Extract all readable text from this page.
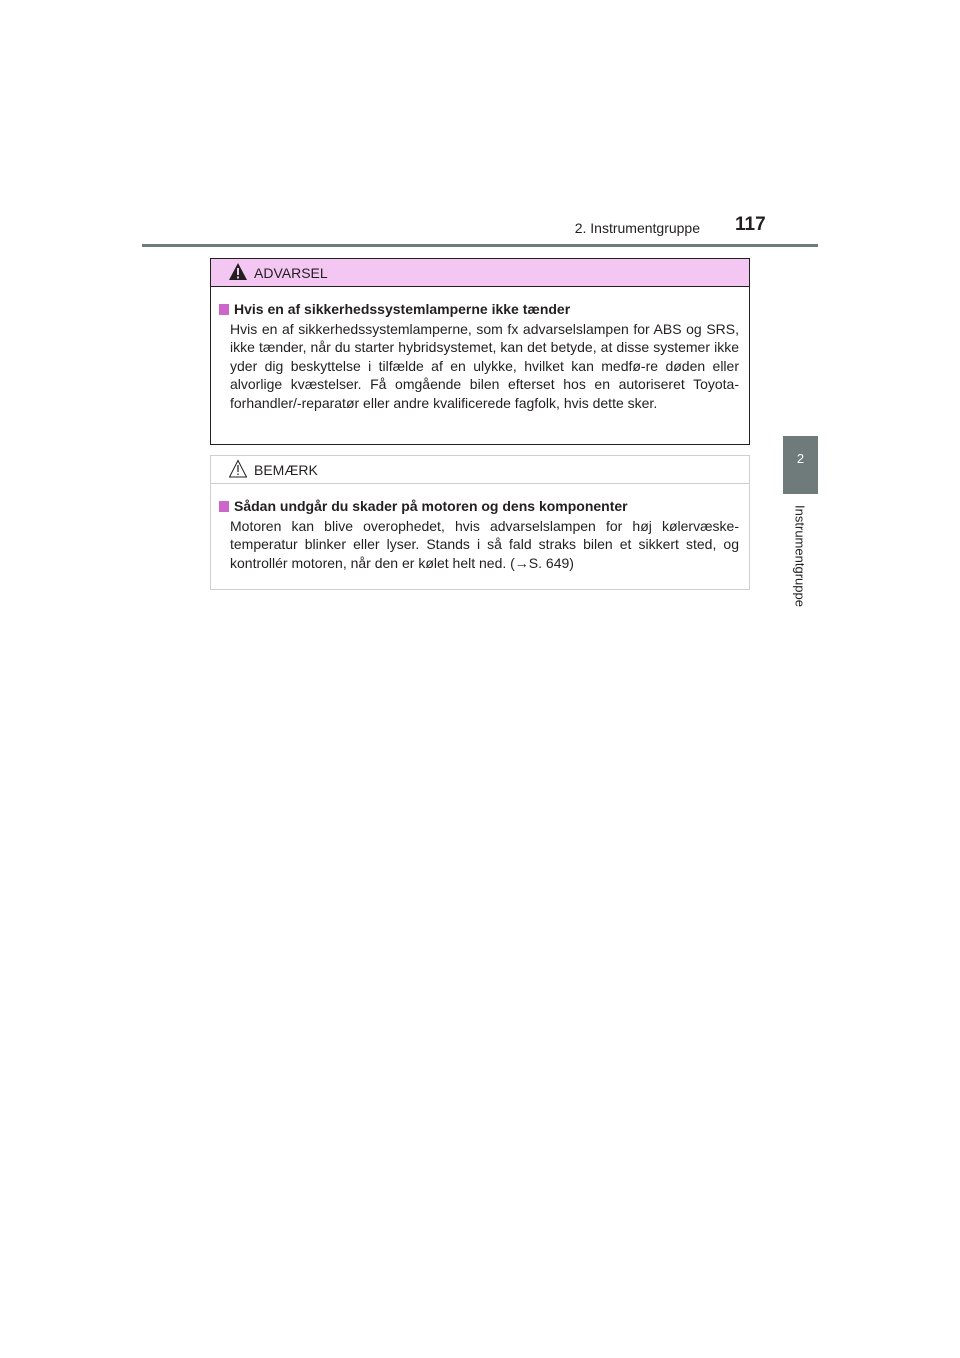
2. Instrumentgruppe 117
2
Instrumentgruppe
ADVARSEL
Hvis en af sikkerhedssystemlamperne ikke tænder
Hvis en af sikkerhedssystemlamperne, som fx advarselslampen for ABS og SRS, ikke tænder, når du starter hybridsystemet, kan det betyde, at disse systemer ikke yder dig beskyttelse i tilfælde af en ulykke, hvilket kan medfø-re døden eller alvorlige kvæstelser. Få omgående bilen efterset hos en autoriseret Toyota-forhandler/-reparatør eller andre kvalificerede fagfolk, hvis dette sker.
BEMÆRK
Sådan undgår du skader på motoren og dens komponenter
Motoren kan blive overophedet, hvis advarselslampen for høj kølervæske-temperatur blinker eller lyser. Stands i så fald straks bilen et sikkert sted, og kontrollér motoren, når den er kølet helt ned. (→S. 649)
